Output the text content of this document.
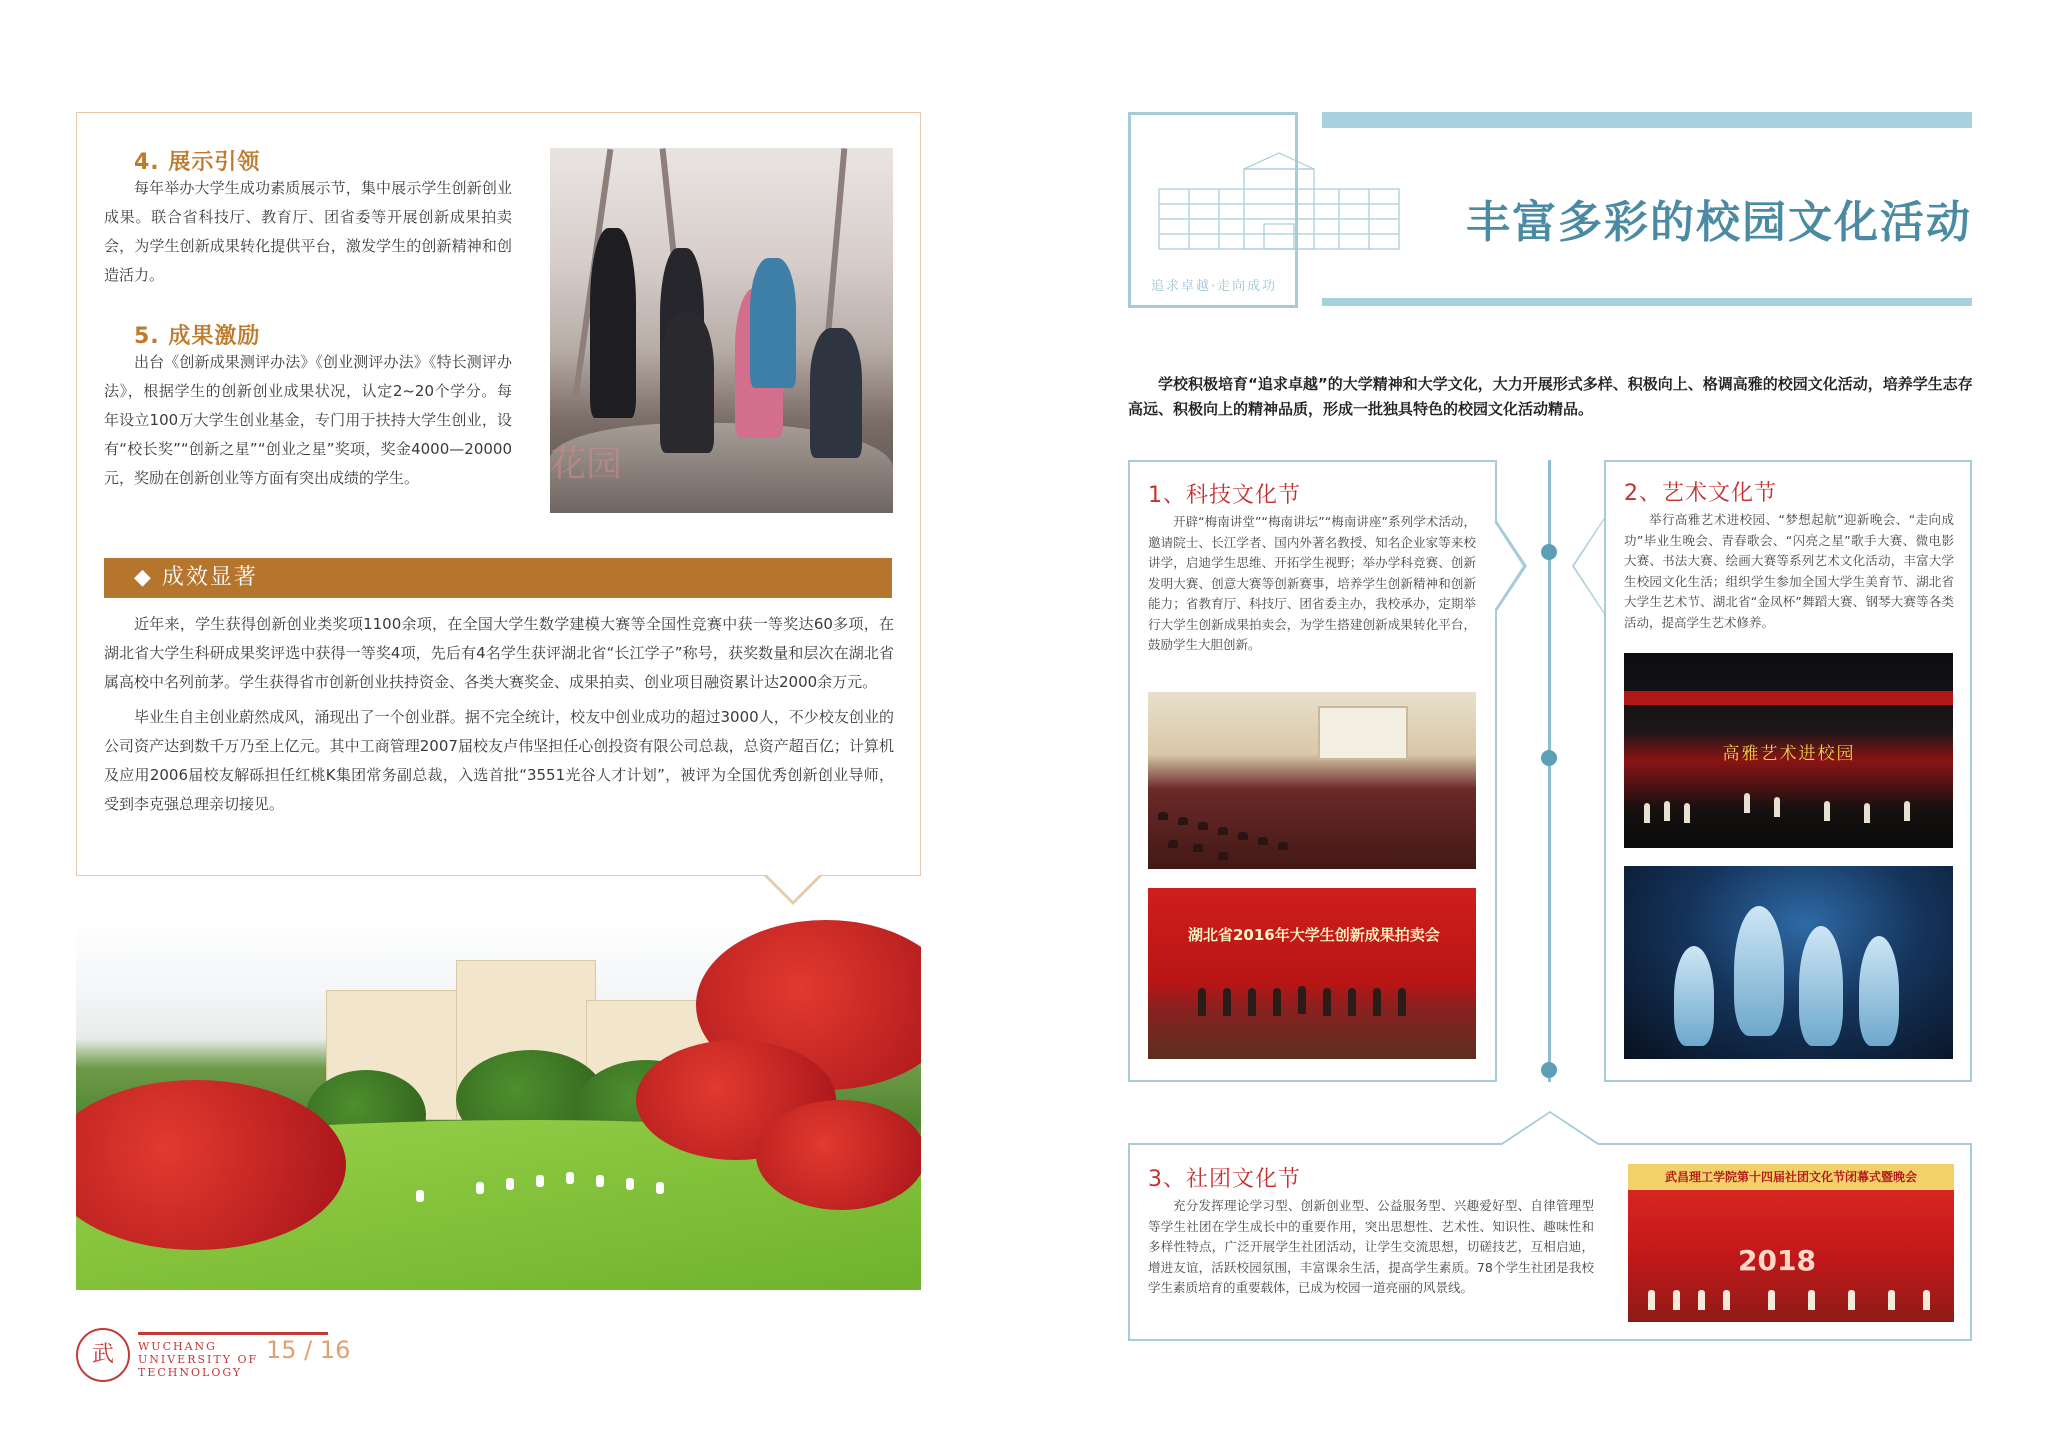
4. 展示引领

每年举办大学生成功素质展示节，集中展示学生创新创业成果。联合省科技厅、教育厅、团省委等开展创新成果拍卖会，为学生创新成果转化提供平台，激发学生的创新精神和创造活力。

5. 成果激励

出台《创新成果测评办法》《创业测评办法》《特长测评办法》，根据学生的创新创业成果状况，认定2~20个学分。每年设立100万大学生创业基金，专门用于扶持大学生创业，设有“校长奖”“创新之星”“创业之星”奖项，奖金4000—20000元，奖励在创新创业等方面有突出成绩的学生。	花园
◆ 成效显著

近年来，学生获得创新创业类奖项1100余项，在全国大学生数学建模大赛等全国性竞赛中获一等奖达60多项，在湖北省大学生科研成果奖评选中获得一等奖4项，先后有4名学生获评湖北省“长江学子”称号，获奖数量和层次在湖北省属高校中名列前茅。学生获得省市创新创业扶持资金、各类大赛奖金、成果拍卖、创业项目融资累计达2000余万元。

毕业生自主创业蔚然成风，涌现出了一个创业群。据不完全统计，校友中创业成功的超过3000人，不少校友创业的公司资产达到数千万乃至上亿元。其中工商管理2007届校友卢伟坚担任心创投资有限公司总裁，总资产超百亿；计算机及应用2006届校友解砾担任红桃K集团常务副总裁，入选首批“3551光谷人才计划”，被评为全国优秀创新创业导师，受到李克强总理亲切接见。

武	WUCHANG
UNIVERSITY OF
TECHNOLOGY
15 / 16
追求卓越·走向成功
丰富多彩的校园文化活动

学校积极培育“追求卓越”的大学精神和大学文化，大力开展形式多样、积极向上、格调高雅的校园文化活动，培养学生志存高远、积极向上的精神品质，形成一批独具特色的校园文化活动精品。

1、科技文化节

开辟“梅南讲堂”“梅南讲坛”“梅南讲座”系列学术活动，邀请院士、长江学者、国内外著名教授、知名企业家等来校讲学，启迪学生思维、开拓学生视野；举办学科竞赛、创新发明大赛、创意大赛等创新赛事，培养学生创新精神和创新能力；省教育厅、科技厅、团省委主办，我校承办，定期举行大学生创新成果拍卖会，为学生搭建创新成果转化平台，鼓励学生大胆创新。

湖北省2016年大学生创新成果拍卖会
2、艺术文化节

举行高雅艺术进校园、“梦想起航”迎新晚会、“走向成功”毕业生晚会、青春歌会、“闪亮之星”歌手大赛、微电影大赛、书法大赛、绘画大赛等系列艺术文化活动，丰富大学生校园文化生活；组织学生参加全国大学生美育节、湖北省大学生艺术节、湖北省“金凤杯”舞蹈大赛、钢琴大赛等各类活动，提高学生艺术修养。

高雅艺术进校园
3、社团文化节

充分发挥理论学习型、创新创业型、公益服务型、兴趣爱好型、自律管理型等学生社团在学生成长中的重要作用，突出思想性、艺术性、知识性、趣味性和多样性特点，广泛开展学生社团活动，让学生交流思想，切磋技艺，互相启迪，增进友谊，活跃校园氛围，丰富课余生活，提高学生素质。78个学生社团是我校学生素质培育的重要载体，已成为校园一道亮丽的风景线。

武昌理工学院第十四届社团文化节闭幕式暨晚会
2018
